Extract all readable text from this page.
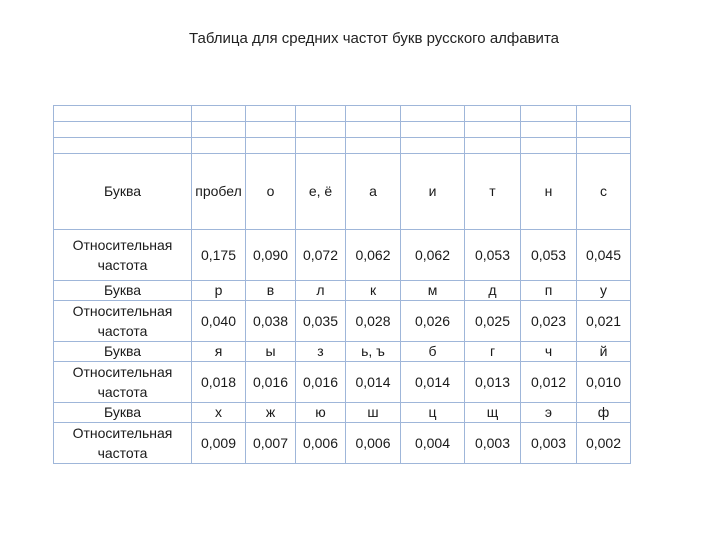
Таблица для средних частот букв русского алфавита

Буква	пробел	о	е, ё	а	и	т	н	с
Относительная частота	0,175	0,090	0,072	0,062	0,062	0,053	0,053	0,045
Буква	р	в	л	к	м	д	п	у
Относительная частота	0,040	0,038	0,035	0,028	0,026	0,025	0,023	0,021
Буква	я	ы	з	ь, ъ	б	г	ч	й
Относительная частота	0,018	0,016	0,016	0,014	0,014	0,013	0,012	0,010
Буква	х	ж	ю	ш	ц	щ	э	ф
Относительная частота	0,009	0,007	0,006	0,006	0,004	0,003	0,003	0,002
